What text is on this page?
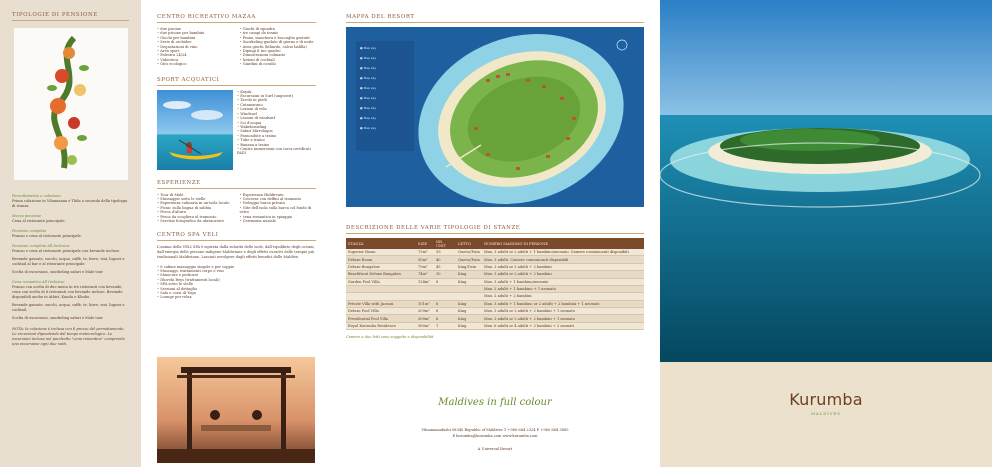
TIPOLOGIE DI PENSIONE
Pernottamento e colazione
Prima colazione in Vihamanaa e Thila a seconda della tipologia di stanza.
Mezza pensione
Cena al ristorante principale.
Pensione completa
Pranzo e cena al ristorante principale.
Pensione completa All Inclusive
Pranzo e cena al ristorante principale con bevande incluse.
Bevande gassate, succhi, acqua, caffè, te, birre, vini, liquori e cocktail al bar e al ristorante principale.
Scelta di escursioni, snorkeling safari e Male tour
Cena romantica All Inclusive
Pranzo con scelta di due menu in tre ristoranti con bevande, cena con scelta di 6 ristoranti con bevande incluse. Bevande disponibili anche in Athiri, Kandu e Khubo.
Bevande gassate, succhi, acqua, caffè, te, birre, vini, liquori e cocktail.
Scelta di escursioni, snorkeling safari e Male tour
NOTA: la colazione è inclusa con il prezzo del pernottamento. Le escursioni dipendendo dal tempo meteorologico. Le escursioni incluse nel pacchetto "cena romantica" comprende una escursione ogni due notti.
CENTRO RICREATIVO MAZAA
• due piscine
• due piscine per bambini
• Giochi per bambini
• Serie di orchidee
• Degustazioni di vino
• Area sport
• Palestra 24/24
• Videoteca
• Giro ecologico
• Giochi di squadra
• tre campi da tennis
• Pinne, maschera e boccaglio gratuiti
• Snorkeling guidato di giorno e di notte
• Area giochi (biliardo, calcio balilla)
• Dipingi il tuo quadro
• Dimostrazioni culinarie
• lezioni di cocktail
• Giardini di corallo
SPORT ACQUATICI
• Kayak
• Escursioni in Surf (ungoseri)
• Tavola in piedi
• Catamarano
• Lezioni di vela
• Windsurf
• Lezioni di windsurf
• Sci d'acqua
• Wakeboarding
• Safari Mirrolagoa
• Paracadute a traino
• Tube a traino
• Banana a traino
• Centro immersioni con corsi certificati PADI
ESPERIENZE
• Tour di Malé
• Massaggio sotto le stelle
• Esperienza culinaria in un'isola locale
• Picnic sulla lingua di sabbia
• Pesca d'altura
• Pesca da scogliera al tramonto
• Servizio fotografico da ubriacature
• Esperienza Hiddirvaiu
• Crociera con delfini al tramonto
• Noleggio barca privata
• Gite dell'isola sulla barca col fondo di vetro
• cena romantica in spiaggia
• Cerimonia nuziale
CENTRO SPA VELI
L'anima della VELI SPA è ispirata dalla solarità delle isole, dall'equilibrio degli oceani, dall'energia delle persone indigene Maldiviane e degli effetti curativi delle terapie più tradizionali Maldiviane. Lasciati avvolgere dagli effetti benefici delle Maldive.
• 8 cabine massaggio singole e per coppie
• Massaggi, trattamenti corpo e viso
• Manicure e pedicure
• Dhivehi Beys (trattamenti locali)
• SPA sotto le stelle
• Sessioni al dettaglio
• Sala e corsi di Yoga
• Lounge per relax
MAPPA DEL RESORT
● Map key
● Map key
● Map key
● Map key
● Map key
● Map key
● Map key
● Map key
● Map key
DESCRIZIONE DELLE VARIE TIPOLOGIE DI STANZE
STANZA	SIZE	NR. UNIT	LETTO	NUMERO MASSIMO DI PERSONE
Superior Room	73m²	39	Queen/Twin	Max. 3 adulti or 2 adulti + 1 bambino/neonato. Camere comunicanti disponibili
Deluxe Room	50m²	40	Queen/Twin	Max. 3 adulti. Camere comunicanti disponibili
Deluxe Bungalow	79m²	45	King/Twin	Max. 3 adulti or 2 adulti + 2 bambini
Beachfront Deluxe Bungalow	74m²	10	King	Max. 3 adulti or 2 adulti + 2 bambini
Garden Pool Villa	124m²	8	King	Max. 3 adulti + 1 bambino/neonato
				Max. 2 adulti + 1 bambino + 1 neonato
				Max. 2 adulti + 2 bambini
Private Villa with Jacuzzi	101m²	6	King	Max. 3 adulti + 1 bambino or 2 adulti + 2 bambini + 1 neonato
Deluxe Pool Villa	209m²	6	King	Max. 3 adulti or 2 adulti + 2 bambini + 1 neonato
Presidential Pool Villa	300m²	6	King	Max. 3 adulti or 2 adulti + 2 bambini + 1 neonato
Royal Kurumba Residence	560m²	1	King	Max. 6 adulti or 4 adulti + 2 bambini + 2 neonati
Camere a due letti sono soggette a disponibilità
Maldives in full colour
Vihamanaafushi 08340 Republic of Maldives T +960 664 2324 F +960 664 3885
E kurumba@kurumba.com www.kurumba.com
A Universal Resort
Kurumba
MALDIVES
